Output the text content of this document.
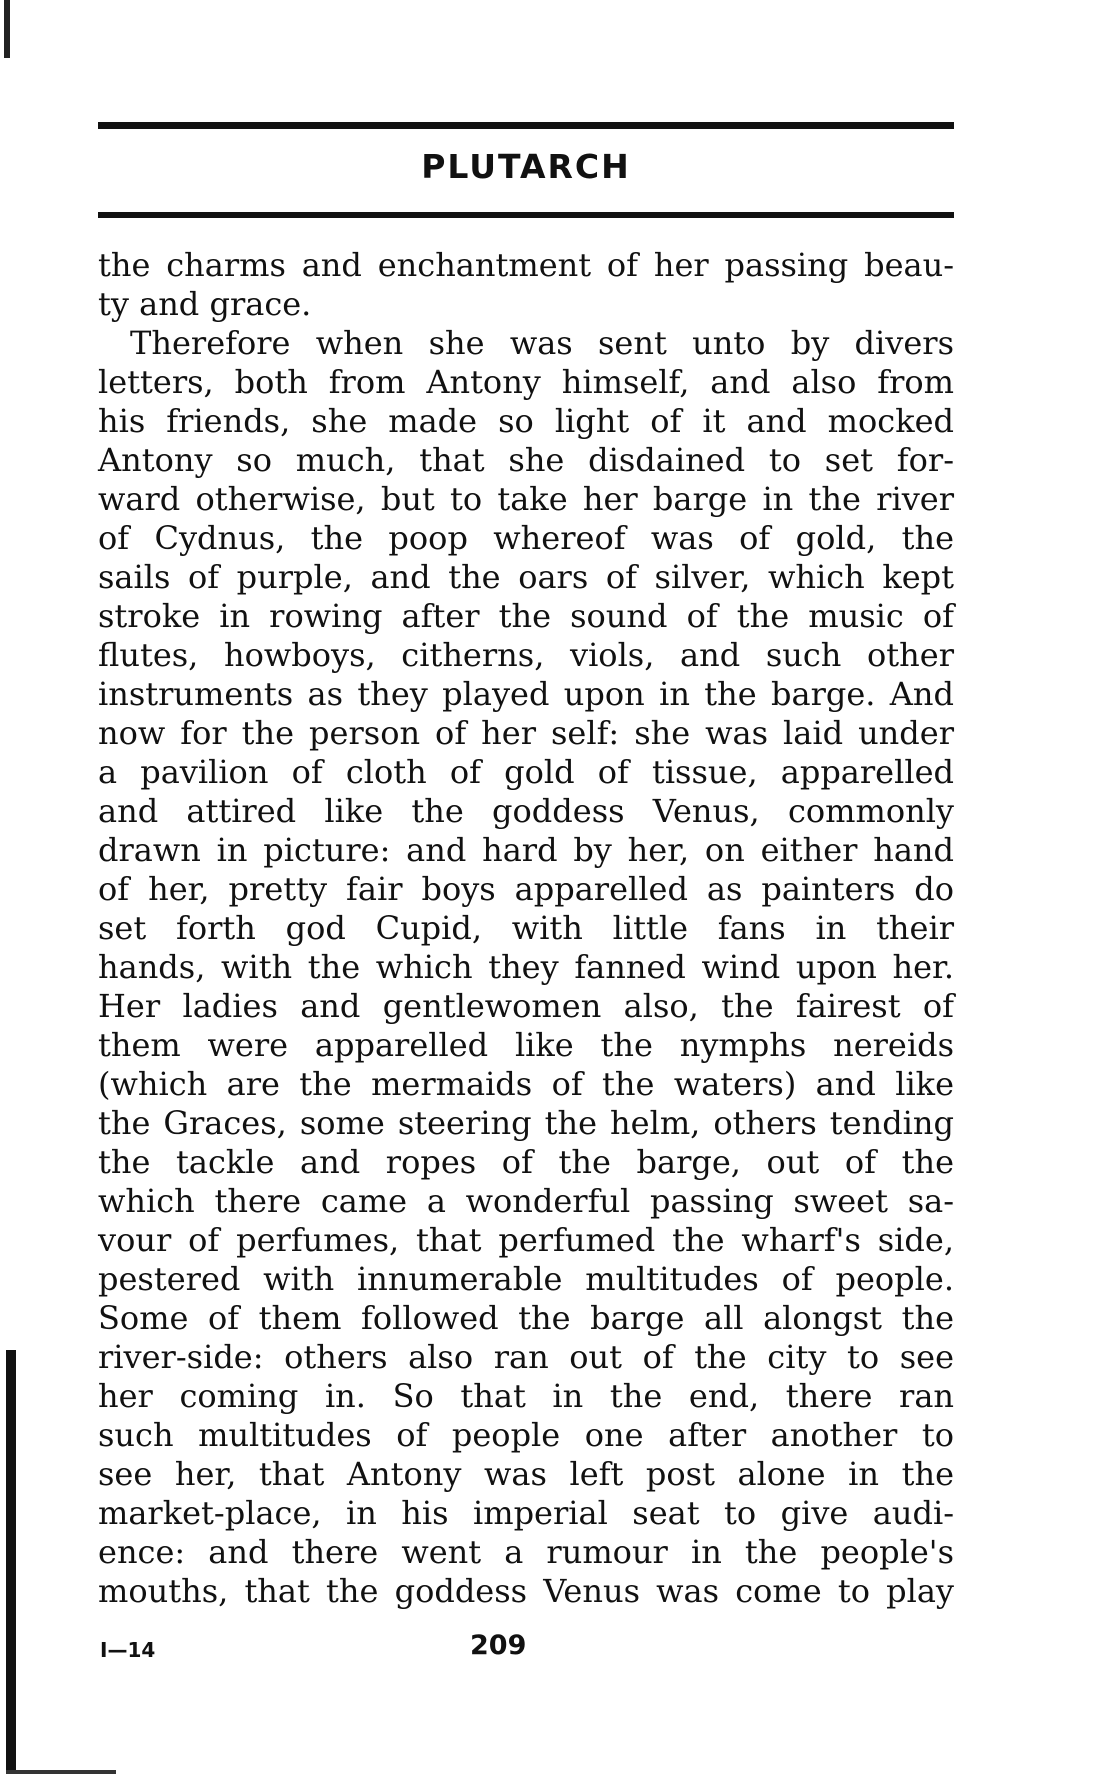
PLUTARCH
the charms and enchantment of her passing beau-
ty and grace.
Therefore when she was sent unto by divers
letters, both from Antony himself, and also from
his friends, she made so light of it and mocked
Antony so much, that she disdained to set for-
ward otherwise, but to take her barge in the river
of Cydnus, the poop whereof was of gold, the
sails of purple, and the oars of silver, which kept
stroke in rowing after the sound of the music of
flutes, howboys, citherns, viols, and such other
instruments as they played upon in the barge. And
now for the person of her self: she was laid under
a pavilion of cloth of gold of tissue, apparelled
and attired like the goddess Venus, commonly
drawn in picture: and hard by her, on either hand
of her, pretty fair boys apparelled as painters do
set forth god Cupid, with little fans in their
hands, with the which they fanned wind upon her.
Her ladies and gentlewomen also, the fairest of
them were apparelled like the nymphs nereids
(which are the mermaids of the waters) and like
the Graces, some steering the helm, others tending
the tackle and ropes of the barge, out of the
which there came a wonderful passing sweet sa-
vour of perfumes, that perfumed the wharf's side,
pestered with innumerable multitudes of people.
Some of them followed the barge all alongst the
river-side: others also ran out of the city to see
her coming in. So that in the end, there ran
such multitudes of people one after another to
see her, that Antony was left post alone in the
market-place, in his imperial seat to give audi-
ence: and there went a rumour in the people's
mouths, that the goddess Venus was come to play
I—14	209
